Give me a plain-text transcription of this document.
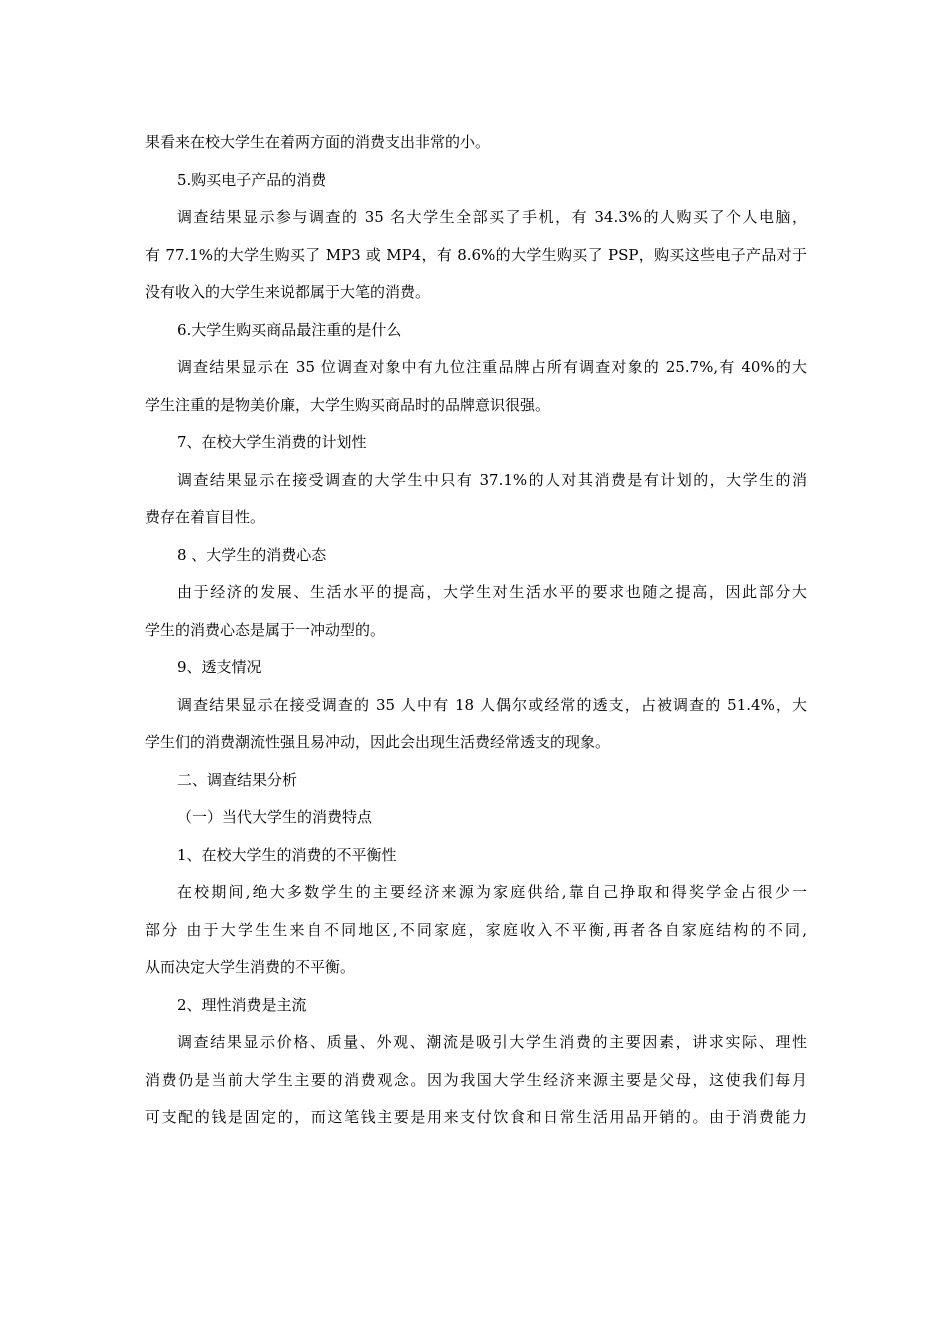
果看来在校大学生在着两方面的消费支出非常的小。
5.购买电子产品的消费
调查结果显示参与调查的 35 名大学生全部买了手机，有 34.3%的人购买了个人电脑，
有 77.1%的大学生购买了 MP3 或 MP4，有 8.6%的大学生购买了 PSP，购买这些电子产品对于
没有收入的大学生来说都属于大笔的消费。
6.大学生购买商品最注重的是什么
调查结果显示在 35 位调查对象中有九位注重品牌占所有调查对象的 25.7%,有 40%的大
学生注重的是物美价廉，大学生购买商品时的品牌意识很强。
7、在校大学生消费的计划性
调查结果显示在接受调查的大学生中只有 37.1%的人对其消费是有计划的，大学生的消
费存在着盲目性。
8 、大学生的消费心态
由于经济的发展、生活水平的提高，大学生对生活水平的要求也随之提高，因此部分大
学生的消费心态是属于一冲动型的。
9、透支情况
调查结果显示在接受调查的 35 人中有 18 人偶尔或经常的透支，占被调查的 51.4%，大
学生们的消费潮流性强且易冲动，因此会出现生活费经常透支的现象。
二、调查结果分析
（一）当代大学生的消费特点
1、在校大学生的消费的不平衡性
在校期间,绝大多数学生的主要经济来源为家庭供给,靠自己挣取和得奖学金占很少一
部分 由于大学生生来自不同地区,不同家庭，家庭收入不平衡,再者各自家庭结构的不同,
从而决定大学生消费的不平衡。
2、理性消费是主流
调查结果显示价格、质量、外观、潮流是吸引大学生消费的主要因素，讲求实际、理性
消费仍是当前大学生主要的消费观念。因为我国大学生经济来源主要是父母，这使我们每月
可支配的钱是固定的，而这笔钱主要是用来支付饮食和日常生活用品开销的。由于消费能力
